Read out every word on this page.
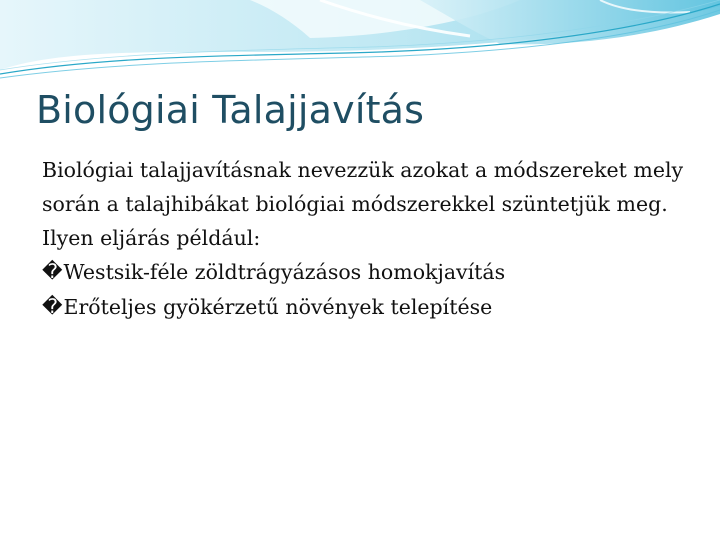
Biológiai Talajjavítás

Biológiai talajjavításnak nevezzük azokat a módszereket mely során a talajhibákat biológiai módszerekkel szüntetjük meg. Ilyen eljárás például:

� Westsik-féle zöldtrágyázásos homokjavítás

� Erőteljes gyökérzetű növények telepítése
